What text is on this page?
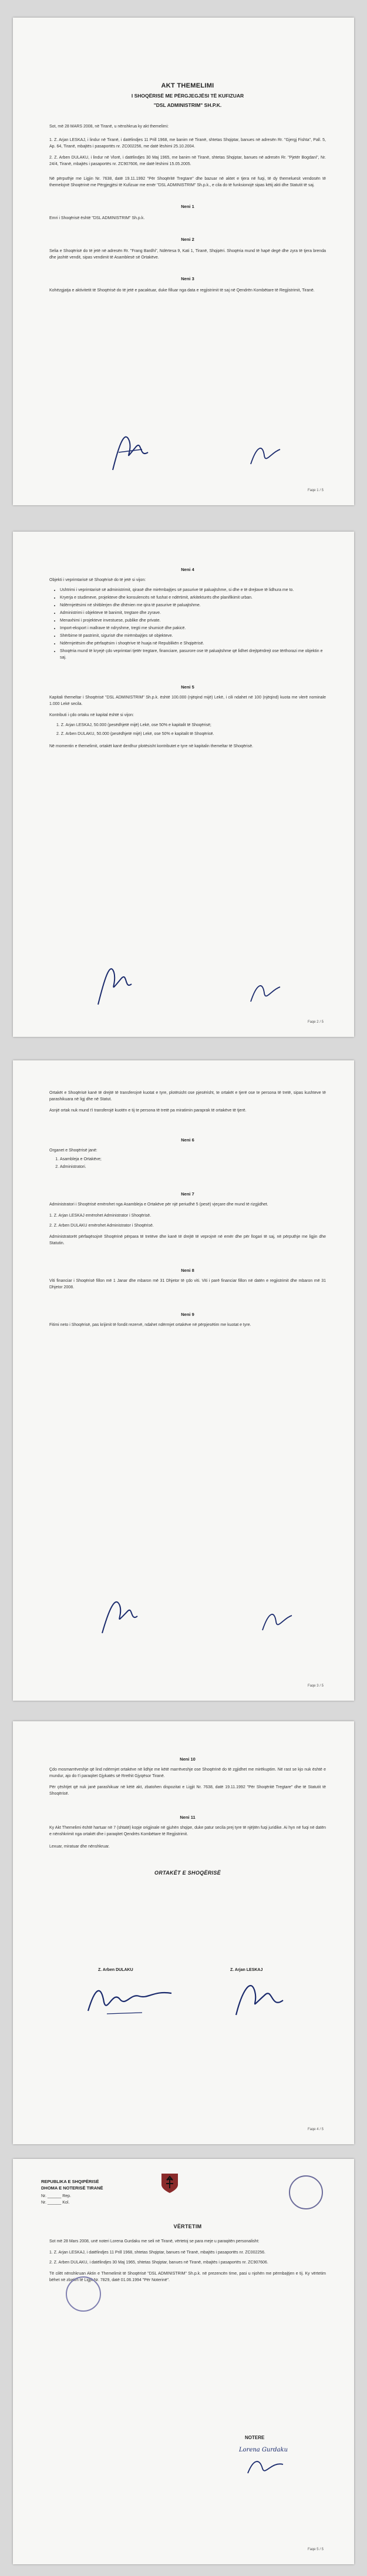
AKT THEMELIMI
I SHOQËRISË ME PËRGJEGJËSI TË KUFIZUAR
"DSL ADMINISTRIM" SH.P.K.

Sot, më 28 MARS 2008, në Tiranë, u nënshkrua ky akt themelimi:

1. Z. Arjan LESKAJ, i lindur në Tiranë, i datëlindjes 11 Prill 1968, me banim në Tiranë, shtetas Shqiptar, banues në adresën Rr. "Gjergj Fishta", Pall. 5, Ap. 64, Tiranë, mbajtës i pasaportës nr. ZC002256, me datë lëshimi 25.10.2004.

2. Z. Arben DULAKU, i lindur në Vlorë, i datëlindjes 30 Maj 1965, me banim në Tiranë, shtetas Shqiptar, banues në adresën Rr. "Pjetër Bogdani", Nr. 24/4, Tiranë, mbajtës i pasaportës nr. ZC907606, me datë lëshimi 15.05.2005.

Në përputhje me Ligjin Nr. 7638, datë 19.11.1992 "Për Shoqëritë Tregtare" dhe bazuar në aktet e tjera në fuqi, të dy themeluesit vendosën të themelojnë Shoqërinë me Përgjegjësi të Kufizuar me emër "DSL ADMINISTRIM" Sh.p.k., e cila do të funksionojë sipas këtij akti dhe Statutit të saj.

Neni 1

Emri i Shoqërisë është "DSL ADMINISTRIM" Sh.p.k.

Neni 2

Selia e Shoqërisë do të jetë në adresën Rr. "Frang Bardhi", Ndërtesa 9, Kati 1, Tiranë, Shqipëri. Shoqëria mund të hapë degë dhe zyra të tjera brenda dhe jashtë vendit, sipas vendimit të Asamblesë së Ortakëve.

Neni 3

Kohëzgjatja e aktivitetit të Shoqërisë do të jetë e pacaktuar, duke filluar nga data e regjistrimit të saj në Qendrën Kombëtare të Regjistrimit, Tiranë.

Faqe 1 / 5

Neni 4

Objekti i veprimtarisë së Shoqërisë do të jetë si vijon:

• Ushtrimi i veprimtarisë së administrimit, qirasë dhe mirëmbajtjes së pasurive të paluajtshme, si dhe e të drejtave të lidhura me to.
• Kryerja e studimeve, projekteve dhe konsulencës në fushat e ndërtimit, arkitekturës dhe planifikimit urban.
• Ndërmjetësimi në shitblerjen dhe dhënien me qira të pasurive të paluajtshme.
• Administrimi i objekteve të banimit, tregtare dhe zyrave.
• Menaxhimi i projekteve investuese, publike dhe private.
• Import-eksport i mallrave të ndryshme, tregti me shumicë dhe pakicë.
• Shërbime të pastrimit, sigurisë dhe mirëmbajtjes së objekteve.
• Ndërmjetësim dhe përfaqësim i shoqërive të huaja në Republikën e Shqipërisë.
• Shoqëria mund të kryejë çdo veprimtari tjetër tregtare, financiare, pasurore ose të paluajtshme që lidhet drejtpërdrejt ose tërthorazi me objektin e saj.

Neni 5

Kapitali themeltar i Shoqërisë "DSL ADMINISTRIM" Sh.p.k. është 100.000 (njëqind mijë) Lekë, i cili ndahet në 100 (njëqind) kuota me vlerë nominale 1.000 Lekë secila.

Kontributi i çdo ortaku në kapital është si vijon:

1. Z. Arjan LESKAJ, 50.000 (pesëdhjetë mijë) Lekë, ose 50% e kapitalit të Shoqërisë;

2. Z. Arben DULAKU, 50.000 (pesëdhjetë mijë) Lekë, ose 50% e kapitalit të Shoqërisë.

Në momentin e themelimit, ortakët kanë derdhur plotësisht kontributet e tyre në kapitalin themeltar të Shoqërisë.

Faqe 2 / 5

Ortakët e Shoqërisë kanë të drejtë të transferojnë kuotat e tyre, plotësisht ose pjesërisht, te ortakët e tjerë ose te persona të tretë, sipas kushteve të parashikuara në ligj dhe në Statut.

Asnjë ortak nuk mund t'i transferojë kuotën e tij te persona të tretë pa miratimin paraprak të ortakëve të tjerë.

Neni 6

Organet e Shoqërisë janë:

1. Asambleja e Ortakëve;
2. Administratori.

Neni 7

Administratori i Shoqërisë emërohet nga Asambleja e Ortakëve për një periudhë 5 (pesë) vjeçare dhe mund të rizgjidhet.

1. Z. Arjan LESKAJ emërohet Administrator i Shoqërisë.

2. Z. Arben DULAKU emërohet Administrator i Shoqërisë.

Administratorët përfaqësojnë Shoqërinë përpara të tretëve dhe kanë të drejtë të veprojnë në emër dhe për llogari të saj, në përputhje me ligjin dhe Statutin.

Neni 8

Viti financiar i Shoqërisë fillon më 1 Janar dhe mbaron më 31 Dhjetor të çdo viti. Viti i parë financiar fillon në datën e regjistrimit dhe mbaron më 31 Dhjetor 2008.

Neni 9

Fitimi neto i Shoqërisë, pas krijimit të fondit rezervë, ndahet ndërmjet ortakëve në përpjesëtim me kuotat e tyre.

Faqe 3 / 5

Neni 10

Çdo mosmarrëveshje që lind ndërmjet ortakëve në lidhje me këtë marrëveshje ose Shoqërinë do të zgjidhet me mirëkuptim. Në rast se kjo nuk është e mundur, ajo do t'i paraqitet Gjykatës së Rrethit Gjyqësor Tiranë.

Për çështjet që nuk janë parashikuar në këtë akt, zbatohen dispozitat e Ligjit Nr. 7638, datë 19.11.1992 "Për Shoqëritë Tregtare" dhe të Statutit të Shoqërisë.

Neni 11

Ky Akt Themelimi është hartuar në 7 (shtatë) kopje origjinale në gjuhën shqipe, duke patur secila prej tyre të njëjtën fuqi juridike. Ai hyn në fuqi në datën e nënshkrimit nga ortakët dhe i paraqitet Qendrës Kombëtare të Regjistrimit.

Lexuar, miratuar dhe nënshkruar.

ORTAKËT E SHOQËRISË

Z. Arben DULAKU	Z. Arjan LESKAJ
Faqe 4 / 5
REPUBLIKA E SHQIPËRISË
DHOMA E NOTERISË TIRANË
Nr. ______ Rep.
Nr. ______ Kol.
VËRTETIM

Sot më 28 Mars 2008, unë noteri Lorena Gurdaku me seli në Tiranë, vërtetoj se para meje u paraqitën personalisht:

1. Z. Arjan LESKAJ, i datëlindjes 11 Prill 1968, shtetas Shqiptar, banues në Tiranë, mbajtës i pasaportës nr. ZC002256.

2. Z. Arben DULAKU, i datëlindjes 30 Maj 1965, shtetas Shqiptar, banues në Tiranë, mbajtës i pasaportës nr. ZC907606.

Të cilët nënshkruan Aktin e Themelimit të Shoqërisë "DSL ADMINISTRIM" Sh.p.k. në prezencën time, pasi u njohën me përmbajtjen e tij. Ky vërtetim bëhet në zbatim të Ligjit Nr. 7829, datë 01.06.1994 "Për Noterinë".

NOTERE
Lorena Gurdaku
Faqe 5 / 5
